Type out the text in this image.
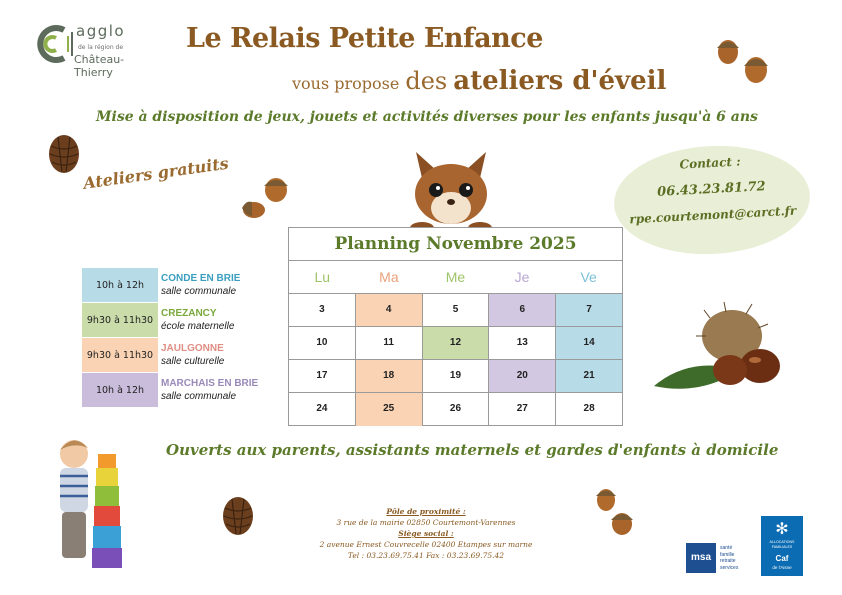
agglo
de la région de
Château-Thierry
Le Relais Petite Enfance
vous propose des ateliers d'éveil
Mise à disposition de jeux, jouets et activités diverses pour les enfants jusqu'à 6 ans
Ateliers gratuits	Contact :
06.43.23.81.72
rpe.courtemont@carct.fr
10h à 12h
CONDE EN BRIE
salle communale
9h30 à 11h30
CREZANCY
école maternelle
9h30 à 11h30
JAULGONNE
salle culturelle
10h à 12h
MARCHAIS EN BRIE
salle communale
Planning Novembre 2025
Lu	Ma	Me	Je	Ve
3	4	5	6	7
10	11	12	13	14
17	18	19	20	21
24	25	26	27	28
Ouverts aux parents, assistants maternels et gardes d'enfants à domicile
Pôle de proximité :
3 rue de la mairie 02850 Courtemont-Varennes
Siège social :
2 avenue Ernest Couvrecelle 02400 Etampes sur marne
Tel : 03.23.69.75.41 Fax : 03.23.69.75.42	msa
santé
famille
retraite
services
✻
ALLOCATIONS
FAMILIALES
Caf
de l'Aisne
